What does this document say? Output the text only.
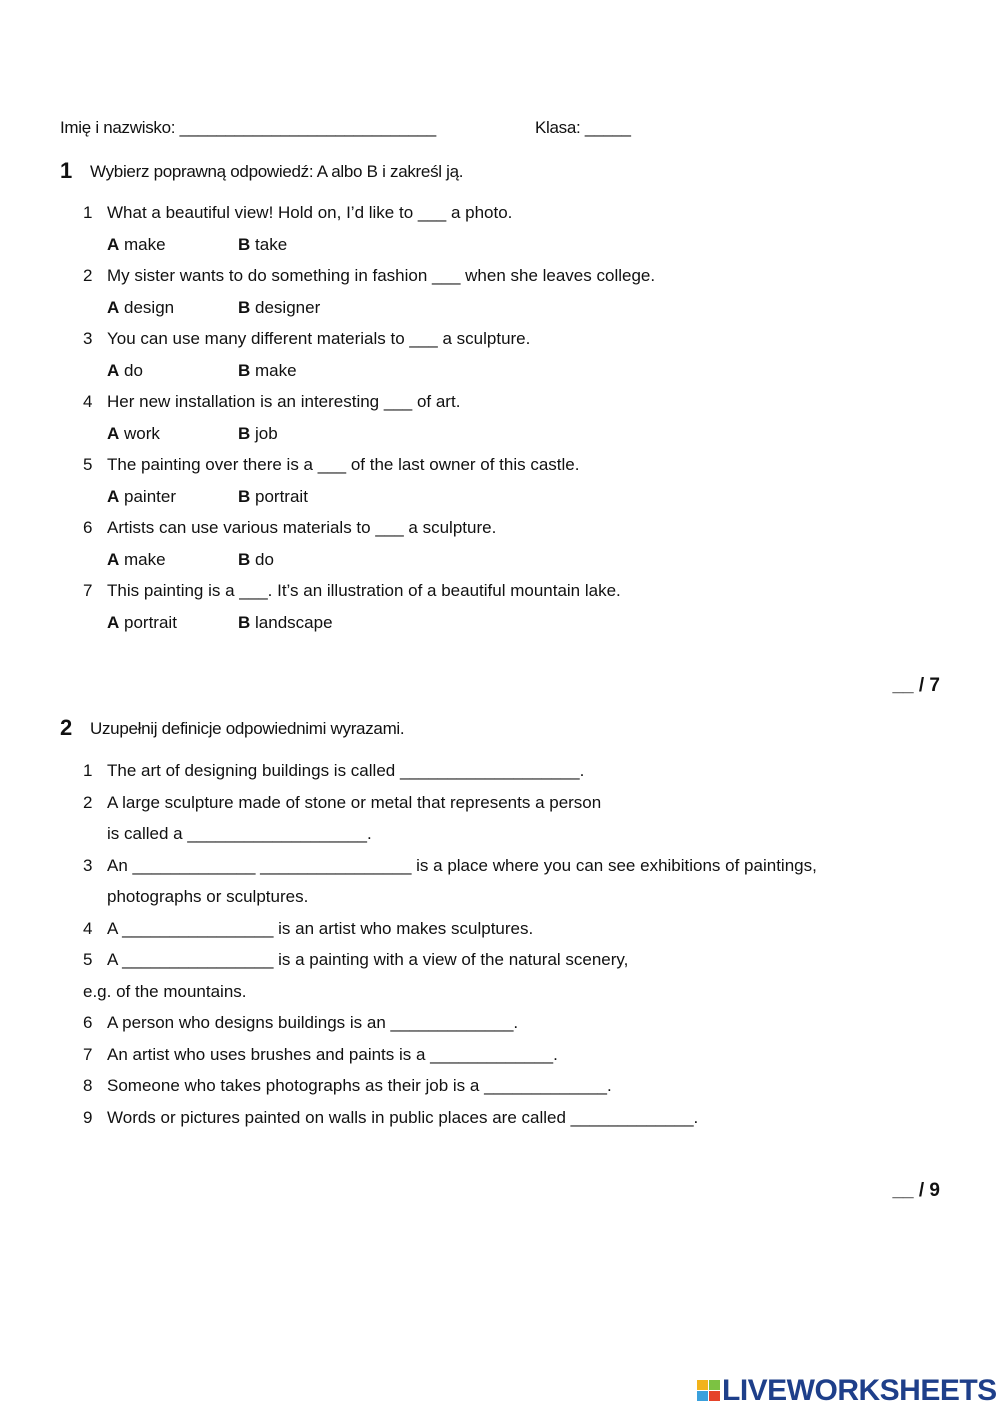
Imię i nazwisko: ____________________________	Klasa: _____
1 Wybierz poprawną odpowiedź: A albo B i zakreśl ją.
1 What a beautiful view! Hold on, I’d like to ___ a photo.
A make	B take
2 My sister wants to do something in fashion ___ when she leaves college.
A design	B designer
3 You can use many different materials to ___ a sculpture.
A do	B make
4 Her new installation is an interesting ___ of art.
A work	B job
5 The painting over there is a ___ of the last owner of this castle.
A painter	B portrait
6 Artists can use various materials to ___ a sculpture.
A make	B do
7 This painting is a ___. It’s an illustration of a beautiful mountain lake.
A portrait	B landscape
__ / 7
2 Uzupełnij definicje odpowiednimi wyrazami.
1 The art of designing buildings is called ___________________.
2 A large sculpture made of stone or metal that represents a person
is called a ___________________.
3 An _____________ ________________ is a place where you can see exhibitions of paintings,
photographs or sculptures.
4 A ________________ is an artist who makes sculptures.
5 A ________________ is a painting with a view of the natural scenery,
e.g. of the mountains.
6 A person who designs buildings is an _____________.
7 An artist who uses brushes and paints is a _____________.
8 Someone who takes photographs as their job is a _____________.
9 Words or pictures painted on walls in public places are called _____________.
__ / 9
LIVEWORKSHEETS
